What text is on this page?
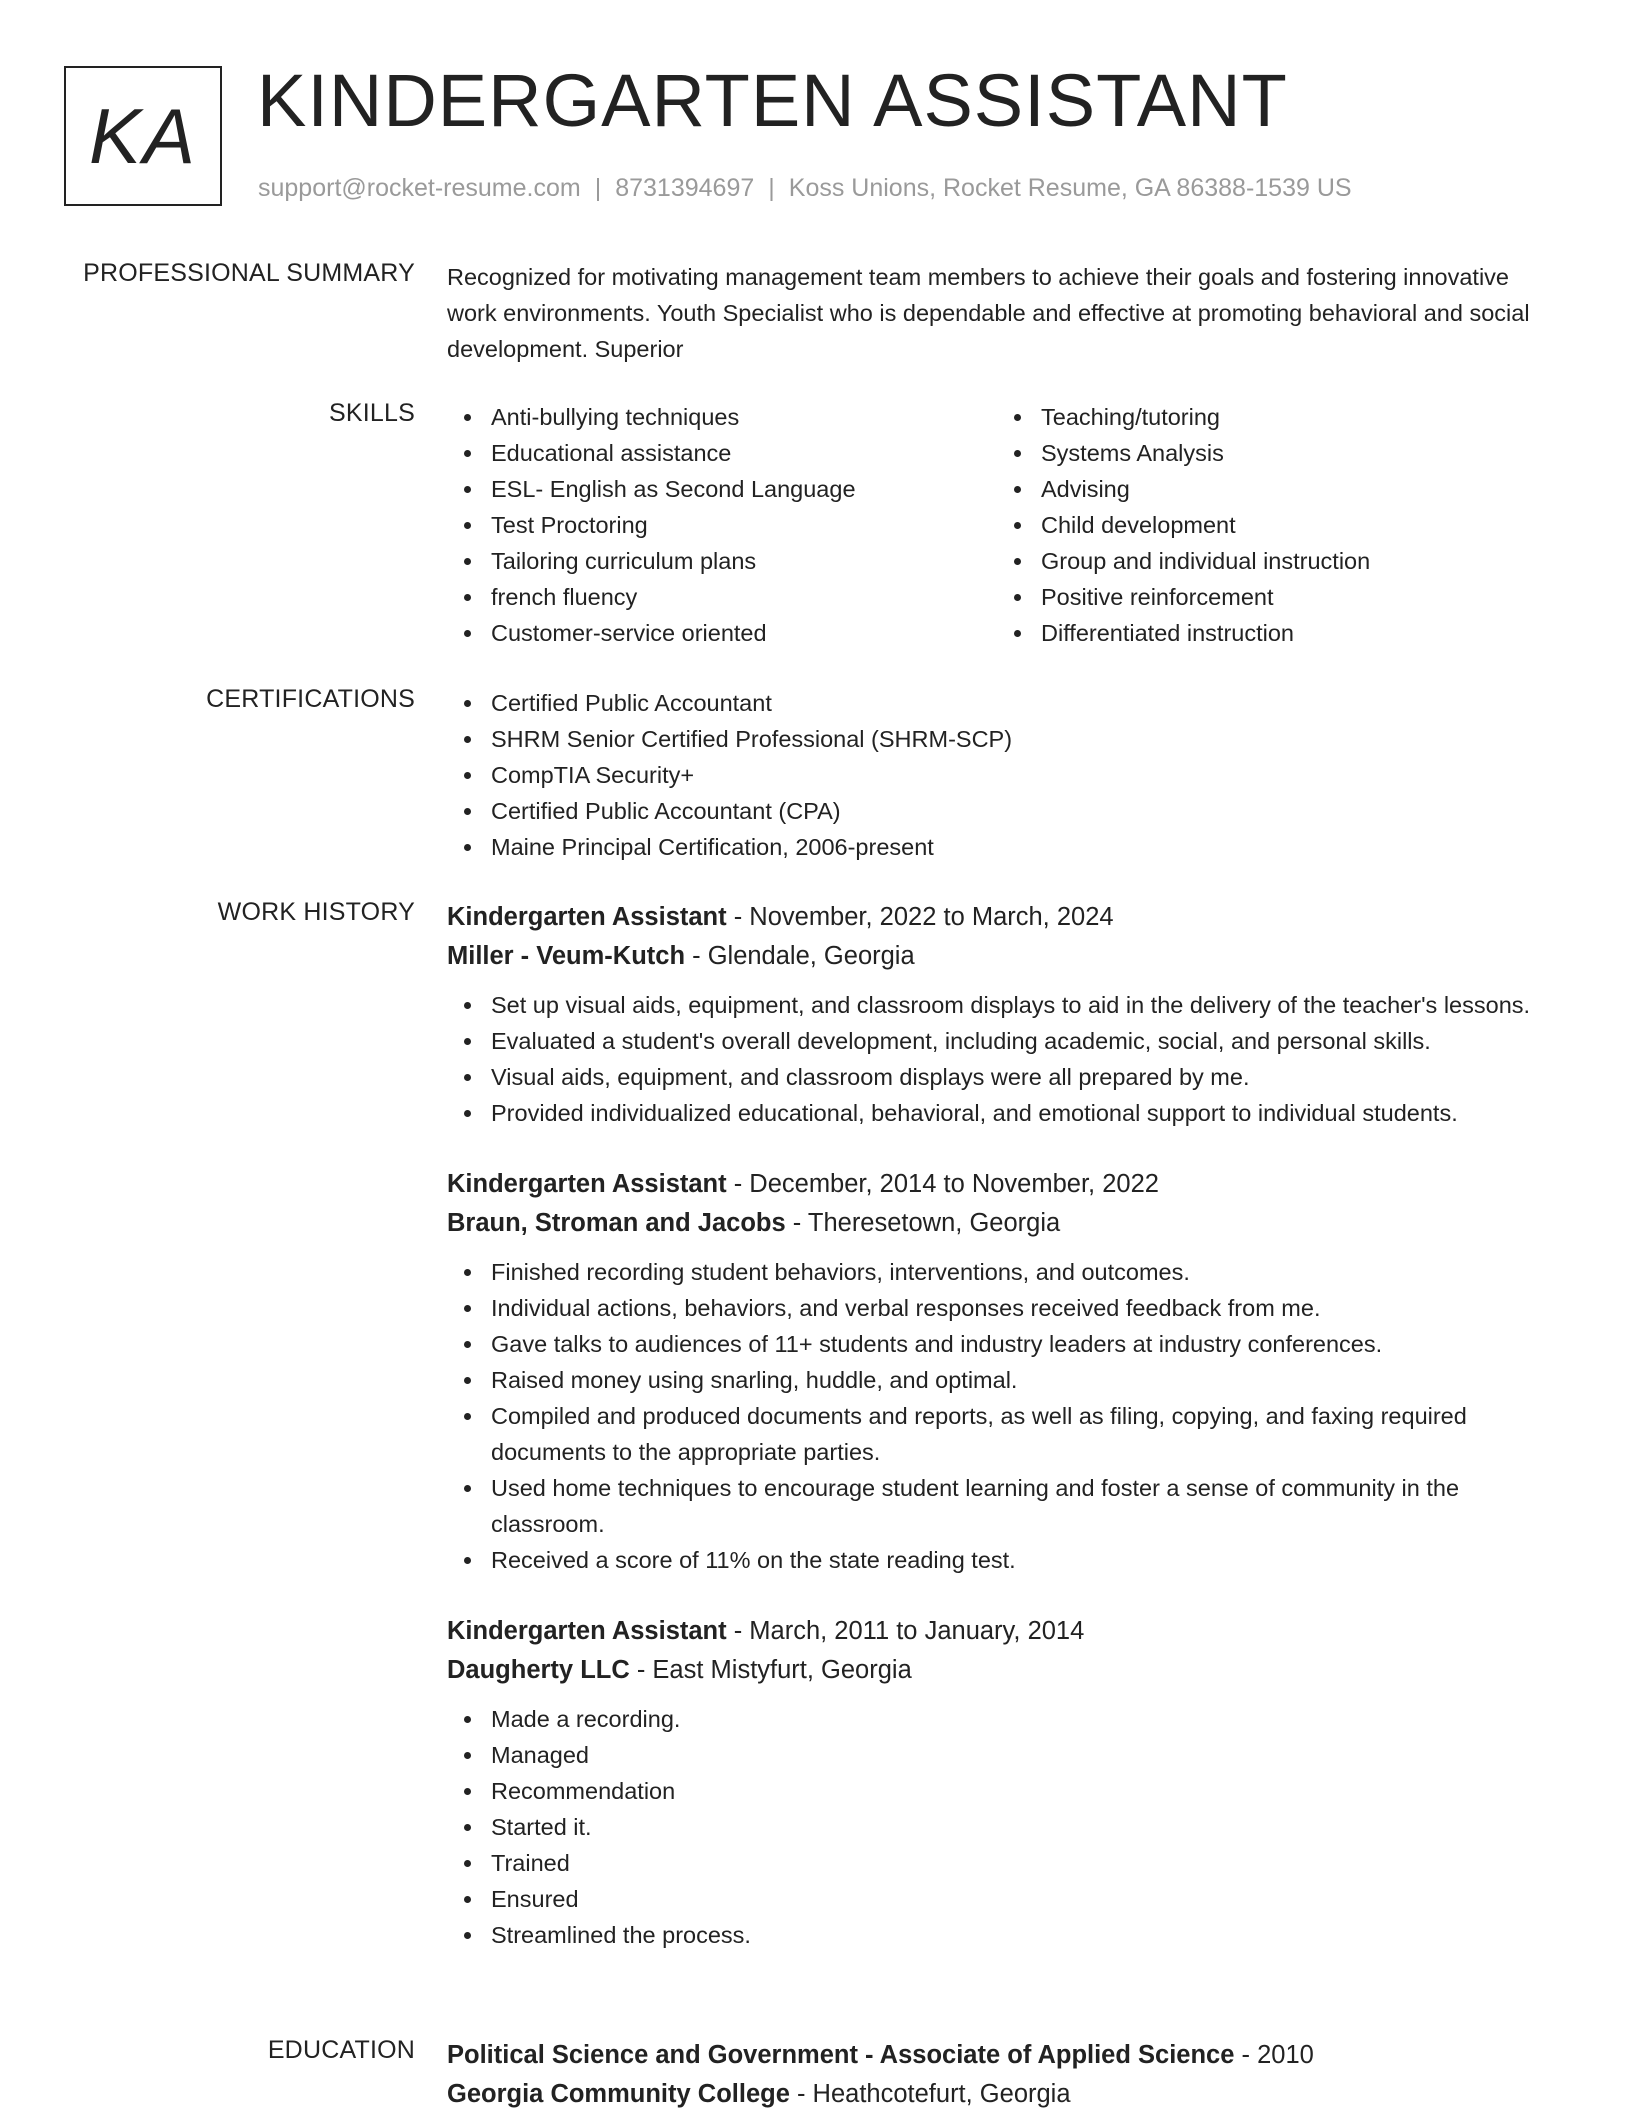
KA KINDERGARTEN ASSISTANT
support@rocket-resume.com | 8731394697 | Koss Unions, Rocket Resume, GA 86388-1539 US
PROFESSIONAL SUMMARY Recognized for motivating management team members to achieve their goals and fostering innovative work environments. Youth Specialist who is dependable and effective at promoting behavioral and social development. Superior

SKILLS	Anti-bullying techniques
Educational assistance
ESL- English as Second Language
Test Proctoring
Tailoring curriculum plans
french fluency
Customer-service oriented
Teaching/tutoring
Systems Analysis
Advising
Child development
Group and individual instruction
Positive reinforcement
Differentiated instruction
CERTIFICATIONS	Certified Public Accountant
SHRM Senior Certified Professional (SHRM-SCP)
CompTIA Security+
Certified Public Accountant (CPA)
Maine Principal Certification, 2006-present
WORK HISTORY Kindergarten Assistant - November, 2022 to March, 2024
Miller - Veum-Kutch - Glendale, Georgia
Set up visual aids, equipment, and classroom displays to aid in the delivery of the teacher's lessons.
Evaluated a student's overall development, including academic, social, and personal skills.
Visual aids, equipment, and classroom displays were all prepared by me.
Provided individualized educational, behavioral, and emotional support to individual students.
Kindergarten Assistant - December, 2014 to November, 2022
Braun, Stroman and Jacobs - Theresetown, Georgia
Finished recording student behaviors, interventions, and outcomes.
Individual actions, behaviors, and verbal responses received feedback from me.
Gave talks to audiences of 11+ students and industry leaders at industry conferences.
Raised money using snarling, huddle, and optimal.
Compiled and produced documents and reports, as well as filing, copying, and faxing required documents to the appropriate parties.
Used home techniques to encourage student learning and foster a sense of community in the classroom.
Received a score of 11% on the state reading test.
Kindergarten Assistant - March, 2011 to January, 2014
Daugherty LLC - East Mistyfurt, Georgia
Made a recording.
Managed
Recommendation
Started it.
Trained
Ensured
Streamlined the process.
EDUCATION Political Science and Government - Associate of Applied Science - 2010
Georgia Community College - Heathcotefurt, Georgia
